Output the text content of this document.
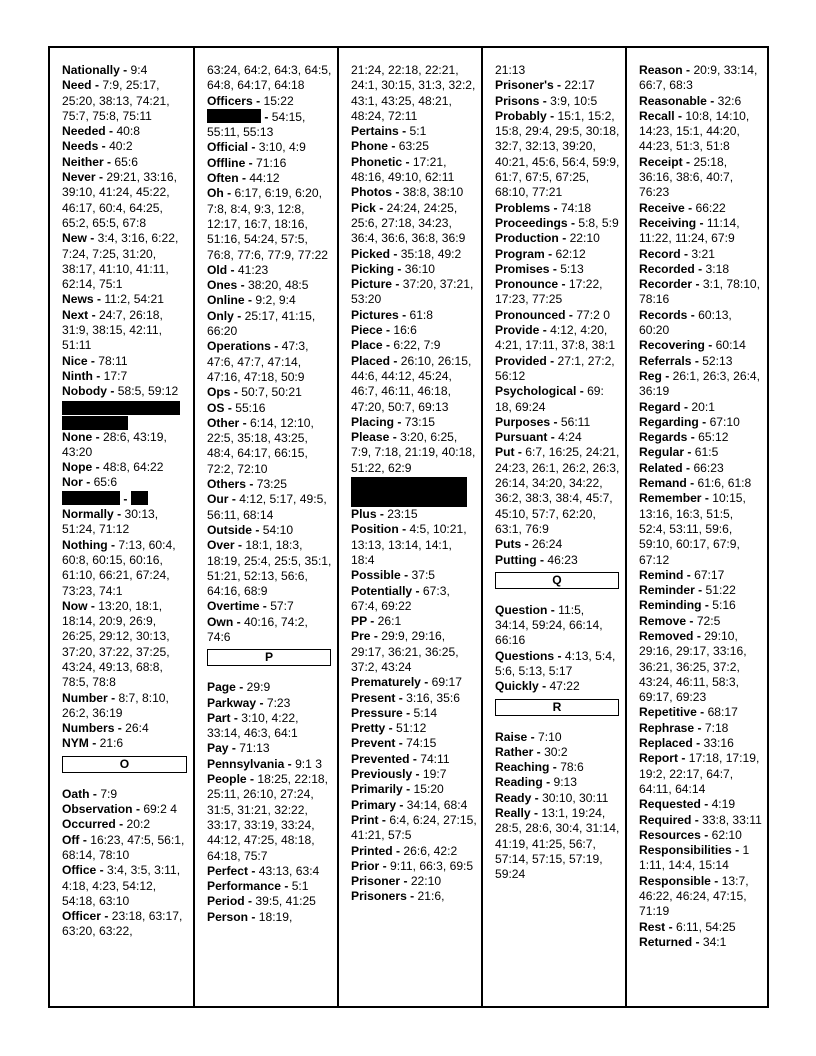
Nationally - 9:4
Need - 7:9, 25:17, 25:20, 38:13, 74:21, 75:7, 75:8, 75:11
Needed - 40:8
Needs - 40:2
Neither - 65:6
Never - 29:21, 33:16, 39:10, 41:24, 45:22, 46:17, 60:4, 64:25, 65:2, 65:5, 67:8
New - 3:4, 3:16, 6:22, 7:24, 7:25, 31:20, 38:17, 41:10, 41:11, 62:14, 75:1
News - 11:2, 54:21
Next - 24:7, 26:18, 31:9, 38:15, 42:11, 51:11
Nice - 78:11
Ninth - 17:7
Nobody - 58:5, 59:12
None - 28:6, 43:19, 43:20
Nope - 48:8, 64:22
Nor - 65:6
-
Normally - 30:13, 51:24, 71:12
Nothing - 7:13, 60:4, 60:8, 60:15, 60:16, 61:10, 66:21, 67:24, 73:23, 74:1
Now - 13:20, 18:1, 18:14, 20:9, 26:9, 26:25, 29:12, 30:13, 37:20, 37:22, 37:25, 43:24, 49:13, 68:8, 78:5, 78:8
Number - 8:7, 8:10, 26:2, 36:19
Numbers - 26:4
NYM - 21:6
O
Oath - 7:9
Observation - 69:2 4
Occurred - 20:2
Off - 16:23, 47:5, 56:1, 68:14, 78:10
Office - 3:4, 3:5, 3:11, 4:18, 4:23, 54:12, 54:18, 63:10
Officer - 23:18, 63:17, 63:20, 63:22,
63:24, 64:2, 64:3, 64:5, 64:8, 64:17, 64:18
Officers - 15:22
- 54:15, 55:11, 55:13
Official - 3:10, 4:9
Offline - 71:16
Often - 44:12
Oh - 6:17, 6:19, 6:20, 7:8, 8:4, 9:3, 12:8, 12:17, 16:7, 18:16, 51:16, 54:24, 57:5, 76:8, 77:6, 77:9, 77:22
Old - 41:23
Ones - 38:20, 48:5
Online - 9:2, 9:4
Only - 25:17, 41:15, 66:20
Operations - 47:3, 47:6, 47:7, 47:14, 47:16, 47:18, 50:9
Ops - 50:7, 50:21
OS - 55:16
Other - 6:14, 12:10, 22:5, 35:18, 43:25, 48:4, 64:17, 66:15, 72:2, 72:10
Others - 73:25
Our - 4:12, 5:17, 49:5, 56:11, 68:14
Outside - 54:10
Over - 18:1, 18:3, 18:19, 25:4, 25:5, 35:1, 51:21, 52:13, 56:6, 64:16, 68:9
Overtime - 57:7
Own - 40:16, 74:2, 74:6
P
Page - 29:9
Parkway - 7:23
Part - 3:10, 4:22, 33:14, 46:3, 64:1
Pay - 71:13
Pennsylvania - 9:1 3
People - 18:25, 22:18, 25:11, 26:10, 27:24, 31:5, 31:21, 32:22, 33:17, 33:19, 33:24, 44:12, 47:25, 48:18, 64:18, 75:7
Perfect - 43:13, 63:4
Performance - 5:1
Period - 39:5, 41:25
Person - 18:19,
21:24, 22:18, 22:21, 24:1, 30:15, 31:3, 32:2, 43:1, 43:25, 48:21, 48:24, 72:11
Pertains - 5:1
Phone - 63:25
Phonetic - 17:21, 48:16, 49:10, 62:11
Photos - 38:8, 38:10
Pick - 24:24, 24:25, 25:6, 27:18, 34:23, 36:4, 36:6, 36:8, 36:9
Picked - 35:18, 49:2
Picking - 36:10
Picture - 37:20, 37:21, 53:20
Pictures - 61:8
Piece - 16:6
Place - 6:22, 7:9
Placed - 26:10, 26:15, 44:6, 44:12, 45:24, 46:7, 46:11, 46:18, 47:20, 50:7, 69:13
Placing - 73:15
Please - 3:20, 6:25, 7:9, 7:18, 21:19, 40:18, 51:22, 62:9
Plus - 23:15
Position - 4:5, 10:21, 13:13, 13:14, 14:1, 18:4
Possible - 37:5
Potentially - 67:3, 67:4, 69:22
PP - 26:1
Pre - 29:9, 29:16, 29:17, 36:21, 36:25, 37:2, 43:24
Prematurely - 69:17
Present - 3:16, 35:6
Pressure - 5:14
Pretty - 51:12
Prevent - 74:15
Prevented - 74:11
Previously - 19:7
Primarily - 15:20
Primary - 34:14, 68:4
Print - 6:4, 6:24, 27:15, 41:21, 57:5
Printed - 26:6, 42:2
Prior - 9:11, 66:3, 69:5
Prisoner - 22:10
Prisoners - 21:6,
21:13
Prisoner's - 22:17
Prisons - 3:9, 10:5
Probably - 15:1, 15:2, 15:8, 29:4, 29:5, 30:18, 32:7, 32:13, 39:20, 40:21, 45:6, 56:4, 59:9, 61:7, 67:5, 67:25, 68:10, 77:21
Problems - 74:18
Proceedings - 5:8, 5:9
Production - 22:10
Program - 62:12
Promises - 5:13
Pronounce - 17:22, 17:23, 77:25
Pronounced - 77:2 0
Provide - 4:12, 4:20, 4:21, 17:11, 37:8, 38:1
Provided - 27:1, 27:2, 56:12
Psychological - 69: 18, 69:24
Purposes - 56:11
Pursuant - 4:24
Put - 6:7, 16:25, 24:21, 24:23, 26:1, 26:2, 26:3, 26:14, 34:20, 34:22, 36:2, 38:3, 38:4, 45:7, 45:10, 57:7, 62:20, 63:1, 76:9
Puts - 26:24
Putting - 46:23
Q
Question - 11:5, 34:14, 59:24, 66:14, 66:16
Questions - 4:13, 5:4, 5:6, 5:13, 5:17
Quickly - 47:22
R
Raise - 7:10
Rather - 30:2
Reaching - 78:6
Reading - 9:13
Ready - 30:10, 30:11
Really - 13:1, 19:24, 28:5, 28:6, 30:4, 31:14, 41:19, 41:25, 56:7, 57:14, 57:15, 57:19, 59:24
Reason - 20:9, 33:14, 66:7, 68:3
Reasonable - 32:6
Recall - 10:8, 14:10, 14:23, 15:1, 44:20, 44:23, 51:3, 51:8
Receipt - 25:18, 36:16, 38:6, 40:7, 76:23
Receive - 66:22
Receiving - 11:14, 11:22, 11:24, 67:9
Record - 3:21
Recorded - 3:18
Recorder - 3:1, 78:10, 78:16
Records - 60:13, 60:20
Recovering - 60:14
Referrals - 52:13
Reg - 26:1, 26:3, 26:4, 36:19
Regard - 20:1
Regarding - 67:10
Regards - 65:12
Regular - 61:5
Related - 66:23
Remand - 61:6, 61:8
Remember - 10:15, 13:16, 16:3, 51:5, 52:4, 53:11, 59:6, 59:10, 60:17, 67:9, 67:12
Remind - 67:17
Reminder - 51:22
Reminding - 5:16
Remove - 72:5
Removed - 29:10, 29:16, 29:17, 33:16, 36:21, 36:25, 37:2, 43:24, 46:11, 58:3, 69:17, 69:23
Repetitive - 68:17
Rephrase - 7:18
Replaced - 33:16
Report - 17:18, 17:19, 19:2, 22:17, 64:7, 64:11, 64:14
Requested - 4:19
Required - 33:8, 33:11
Resources - 62:10
Responsibilities - 1 1:11, 14:4, 15:14
Responsible - 13:7, 46:22, 46:24, 47:15, 71:19
Rest - 6:11, 54:25
Returned - 34:1
